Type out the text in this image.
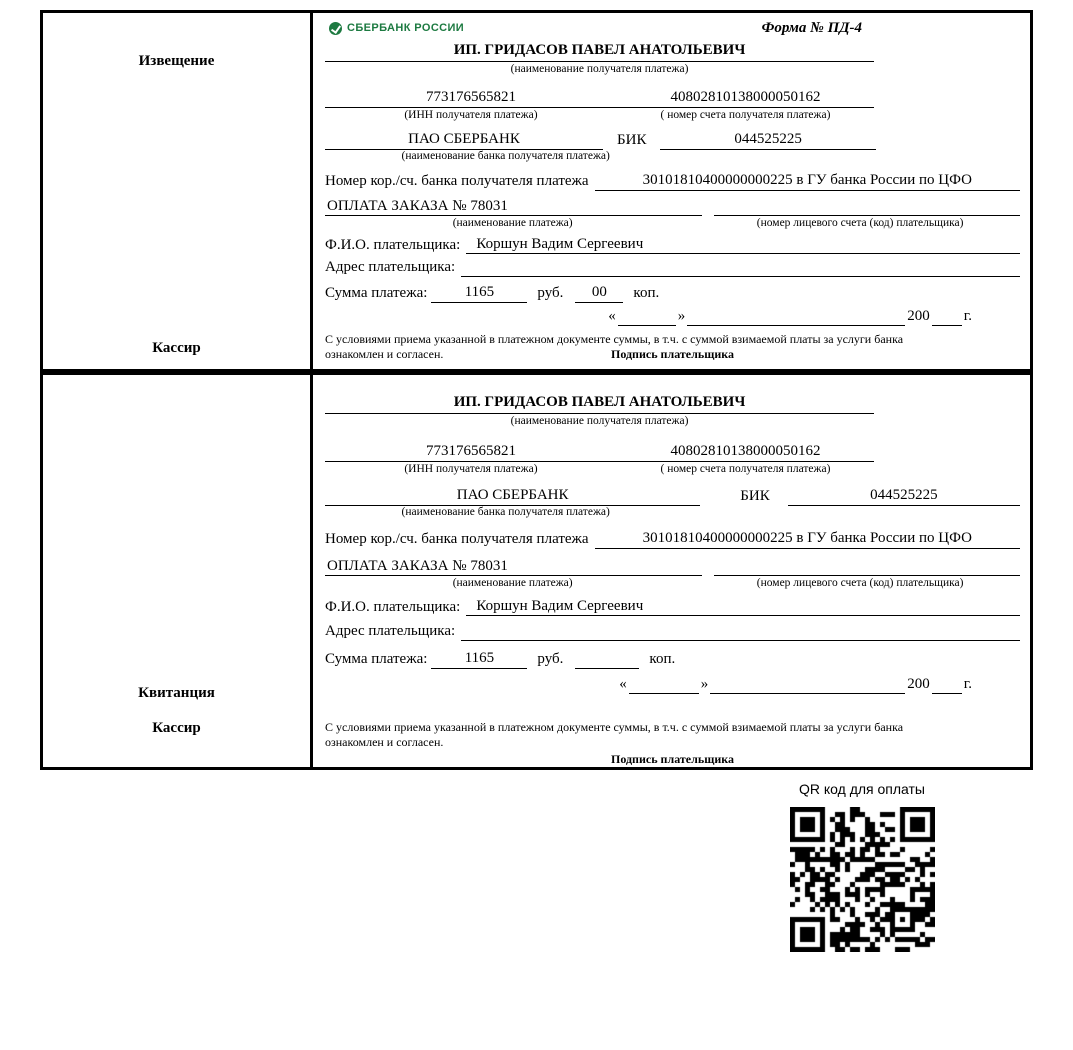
Извещение
Кассир
СБЕРБАНК РОССИИ	Форма № ПД-4
ИП. ГРИДАСОВ ПАВЕЛ АНАТОЛЬЕВИЧ
(наименование получателя платежа)
773176565821	40802810138000050162
(ИНН получателя платежа)	( номер счета получателя платежа)
ПАО СБЕРБАНК	БИК	044525225
(наименование банка получателя платежа)
Номер кор./сч. банка получателя платежа	30101810400000000225 в ГУ банка России по ЦФО
ОПЛАТА ЗАКАЗА № 78031
(наименование платежа)	(номер лицевого счета (код) плательщика)
Ф.И.О. плательщика:	Коршун Вадим Сергеевич
Адрес плательщика:
Сумма платежа:	1165	руб.	00	коп.
«	»	200 г.
С условиями приема указанной в платежном документе суммы, в т.ч. с суммой взимаемой платы за услуги банка
ознакомлен и согласен.	Подпись плательщика
Квитанция
Кассир
ИП. ГРИДАСОВ ПАВЕЛ АНАТОЛЬЕВИЧ
(наименование получателя платежа)
773176565821	40802810138000050162
(ИНН получателя платежа)	( номер счета получателя платежа)
ПАО СБЕРБАНК	БИК	044525225
(наименование банка получателя платежа)
Номер кор./сч. банка получателя платежа	30101810400000000225 в ГУ банка России по ЦФО
ОПЛАТА ЗАКАЗА № 78031
(наименование платежа)	(номер лицевого счета (код) плательщика)
Ф.И.О. плательщика:	Коршун Вадим Сергеевич
Адрес плательщика:
Сумма платежа:	1165	руб.	коп.
«	»	200 г.
С условиями приема указанной в платежном документе суммы, в т.ч. с суммой взимаемой платы за услуги банка
ознакомлен и согласен.
Подпись плательщика
QR код для оплаты
